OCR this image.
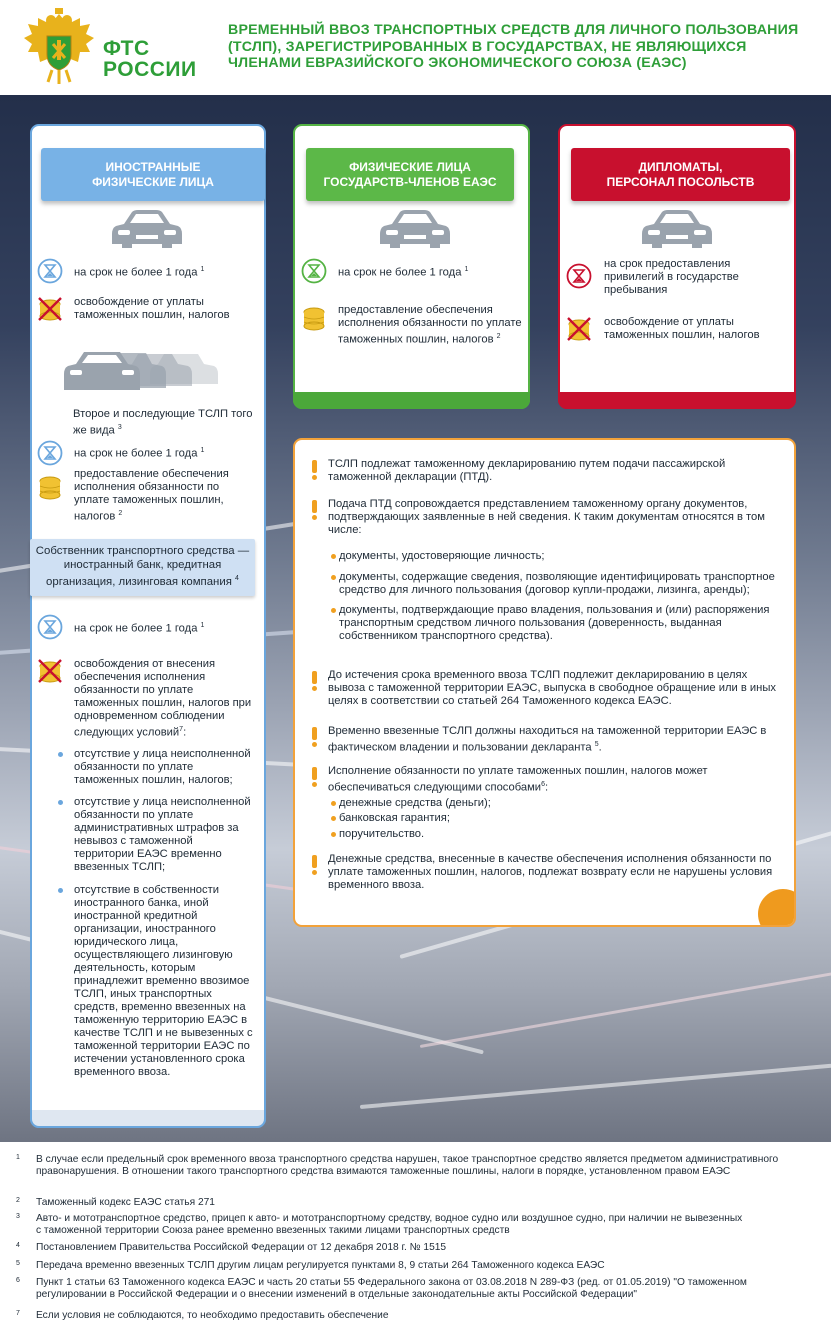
ФТС
РОССИИ
ВРЕМЕННЫЙ ВВОЗ ТРАНСПОРТНЫХ СРЕДСТВ ДЛЯ ЛИЧНОГО ПОЛЬЗОВАНИЯ (ТСЛП), ЗАРЕГИСТРИРОВАННЫХ В ГОСУДАРСТВАХ, НЕ ЯВЛЯЮЩИХСЯ ЧЛЕНАМИ ЕВРАЗИЙСКОГО ЭКОНОМИЧЕСКОГО СОЮЗА (ЕАЭС)
ИНОСТРАННЫЕ
ФИЗИЧЕСКИЕ ЛИЦА
на срок не более 1 года $^1$
освобождение от уплаты таможенных пошлин, налогов
Второе и последующие ТСЛП того же вида $^3$
на срок не более 1 года $^1$
предоставление обеспечения исполнения обязанности по уплате таможенных пошлин, налогов $^2$
Собственник транспортного средства — иностранный банк, кредитная организация, лизинговая компания $^4$
на срок не более 1 года $^1$
освобождения от внесения обеспечения исполнения обязанности по уплате таможенных пошлин, налогов при одновременном соблюдении следующих условий$^7$:
отсутствие у лица неисполненной обязанности по уплате таможенных пошлин, налогов;
отсутствие у лица неисполненной обязанности по уплате административных штрафов за невывоз с таможенной территории ЕАЭС временно ввезенных ТСЛП;
отсутствие в собственности иностранного банка, иной иностранной кредитной организации, иностранного юридического лица, осуществляющего лизинговую деятельность, которым принадлежит временно ввозимое ТСЛП, иных транспортных средств, временно ввезенных на таможенную территорию ЕАЭС в качестве ТСЛП и не вывезенных с таможенной территории ЕАЭС по истечении установленного срока временного ввоза.
ФИЗИЧЕСКИЕ ЛИЦА
ГОСУДАРСТВ-ЧЛЕНОВ ЕАЭС
на срок не более 1 года $^1$
предоставление обеспечения исполнения обязанности по уплате таможенных пошлин, налогов $^2$
ДИПЛОМАТЫ,
ПЕРСОНАЛ ПОСОЛЬСТВ
на срок предоставления привилегий в государстве пребывания
освобождение от уплаты таможенных пошлин, налогов
ТСЛП подлежат таможенному декларированию путем подачи пассажирской таможенной декларации (ПТД).
Подача ПТД сопровождается представлением таможенному органу документов, подтверждающих заявленные в ней сведения. К таким документам относятся в том числе:
документы, удостоверяющие личность;
документы, содержащие сведения, позволяющие идентифицировать транспортное средство для личного пользования (договор купли-продажи, лизинга, аренды);
документы, подтверждающие право владения, пользования и (или) распоряжения транспортным средством личного пользования (доверенность, выданная собственником транспортного средства).
До истечения срока временного ввоза ТСЛП подлежит декларированию в целях вывоза с таможенной территории ЕАЭС, выпуска в свободное обращение или в иных целях в соответствии со статьей 264 Таможенного кодекса ЕАЭС.
Временно ввезенные ТСЛП должны находиться на таможенной территории ЕАЭС в фактическом владении и пользовании декларанта $^5$.
Исполнение обязанности по уплате таможенных пошлин, налогов может обеспечиваться следующими способами$^6$:
денежные средства (деньги);
банковская гарантия;
поручительство.
Денежные средства, внесенные в качестве обеспечения исполнения обязанности по уплате таможенных пошлин, налогов, подлежат возврату если не нарушены условия временного ввоза.
1 В случае если предельный срок временного ввоза транспортного средства нарушен, такое транспортное средство является предметом административного правонарушения. В отношении такого транспортного средства взимаются таможенные пошлины, налоги в порядке, установленном правом ЕАЭС
2 Таможенный кодекс ЕАЭС статья 271
3 Авто- и мототранспортное средство, прицеп к авто- и мототранспортному средству, водное судно или воздушное судно, при наличии не вывезенных с таможенной территории Союза ранее временно ввезенных такими лицами транспортных средств
4 Постановлением Правительства Российской Федерации от 12 декабря 2018 г. № 1515
5 Передача временно ввезенных ТСЛП другим лицам регулируется пунктами 8, 9 статьи 264 Таможенного кодекса ЕАЭС
6 Пункт 1 статьи 63 Таможенного кодекса ЕАЭС и часть 20 статьи 55 Федерального закона от 03.08.2018 N 289-ФЗ (ред. от 01.05.2019) "О таможенном регулировании в Российской Федерации и о внесении изменений в отдельные законодательные акты Российской Федерации"
7 Если условия не соблюдаются, то необходимо предоставить обеспечение
